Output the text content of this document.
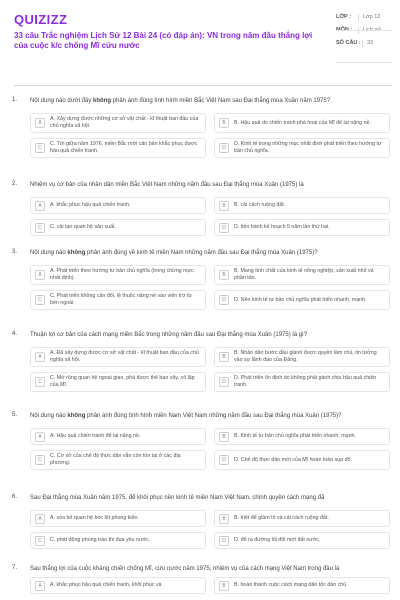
QUIZIZZ
33 câu Trắc nghiệm Lịch Sử 12 Bài 24 (có đáp án): VN trong năm đầu thắng lợi của cuộc k/c chống Mĩ cứu nước
LỚP :	Lớp 12
SỐ CÂU :	33
1.	Nội dung nào dưới đây không phản ánh đúng tình hình miền Bắc Việt Nam sau Đại thắng mùa Xuân năm 1975?
A
A. Xây dựng được những cơ sở vật chất - kĩ thuật ban đầu của chủ nghĩa xã hội.	B	B. Hậu quả do chiến tranh phá hoại của Mĩ để lại nặng nề.
C
C. Tới giữa năm 1976, miền Bắc mới căn bản khắc phục được hậu quả chiến tranh.	D
D. Kinh tế trong những mục nhất định phát triển theo hướng tư bản chủ nghĩa.
2.	Nhiệm vụ cơ bản của nhân dân miền Bắc Việt Nam những năm đầu sau Đại thắng mùa Xuân (1975) là
A	A. khắc phục hậu quả chiến tranh.	B	B. cải cách ruộng đất.
C	C. cải tạo quan hệ sản xuất.	D	D. tiến hành kế hoạch 5 năm lần thứ hai.
3.	Nội dung nào không phản ánh đúng về kinh tế miền Nam những năm đầu sau Đại thắng mùa Xuân (1975)?
A
A. Phát triển theo hướng tư bản chủ nghĩa (trong chừng mực nhất định).	B
B. Mang tính chất của kinh tế nông nghiệp, sản xuất nhỏ và phân tán.
C
C. Phát triển không cân đối, lệ thuộc nặng nề vào viện trợ từ bên ngoài.	D	D. Nền kinh tế tư bản chủ nghĩa phát triển nhanh, mạnh.
4.	Thuận lợi cơ bản của cách mạng miền Bắc trong những năm đầu sau Đại thắng mùa Xuân (1975) là gì?
A
A. Đã xây dựng được cơ sở vật chất - kĩ thuật ban đầu của chủ nghĩa xã hội.	B
B. Nhân dân bước đầu giành được quyền làm chủ, tin tưởng vào sự lãnh đạo của Đảng.
C
C. Mở rộng quan hệ ngoại giao, phá được thế bao vây, cô lập của Mĩ.	D
D. Phát triển ổn định do không phải gánh chịu hậu quả chiến tranh.
5.	Nội dung nào không phản ánh đúng tình hình miền Nam Việt Nam những năm đầu sau Đại thắng mùa Xuân (1975)?
A	A. Hậu quả chiến tranh để lại nặng nề.	B	B. Kinh tế tư bản chủ nghĩa phát triển nhanh, mạnh.
C
C. Cơ sở của chế độ thực dân vẫn còn tồn tại ở các địa phương.	D	D. Chế độ thực dân mới của Mĩ hoàn toàn sụp đổ.
6.	Sau Đại thắng mùa Xuân năm 1975, để khôi phục nền kinh tế miền Nam Việt Nam, chính quyền cách mạng đã
A	A. xóa bỏ quan hệ bóc lột phong kiến.	B	B. triệt để giảm tô và cải cách ruộng đất.
C	C. phát động phong trào thi đua yêu nước.	D	D. để ra đường lối đổi mới đất nước.
7.	Sau thắng lợi của cuộc kháng chiến chống Mĩ, cứu nước năm 1975, nhiệm vụ của cách mạng Việt Nam trong đầu là
A	A. khắc phục hậu quả chiến tranh, khôi phục và	B	B. hoàn thành cuộc cách mạng dân tộc dân chủ
